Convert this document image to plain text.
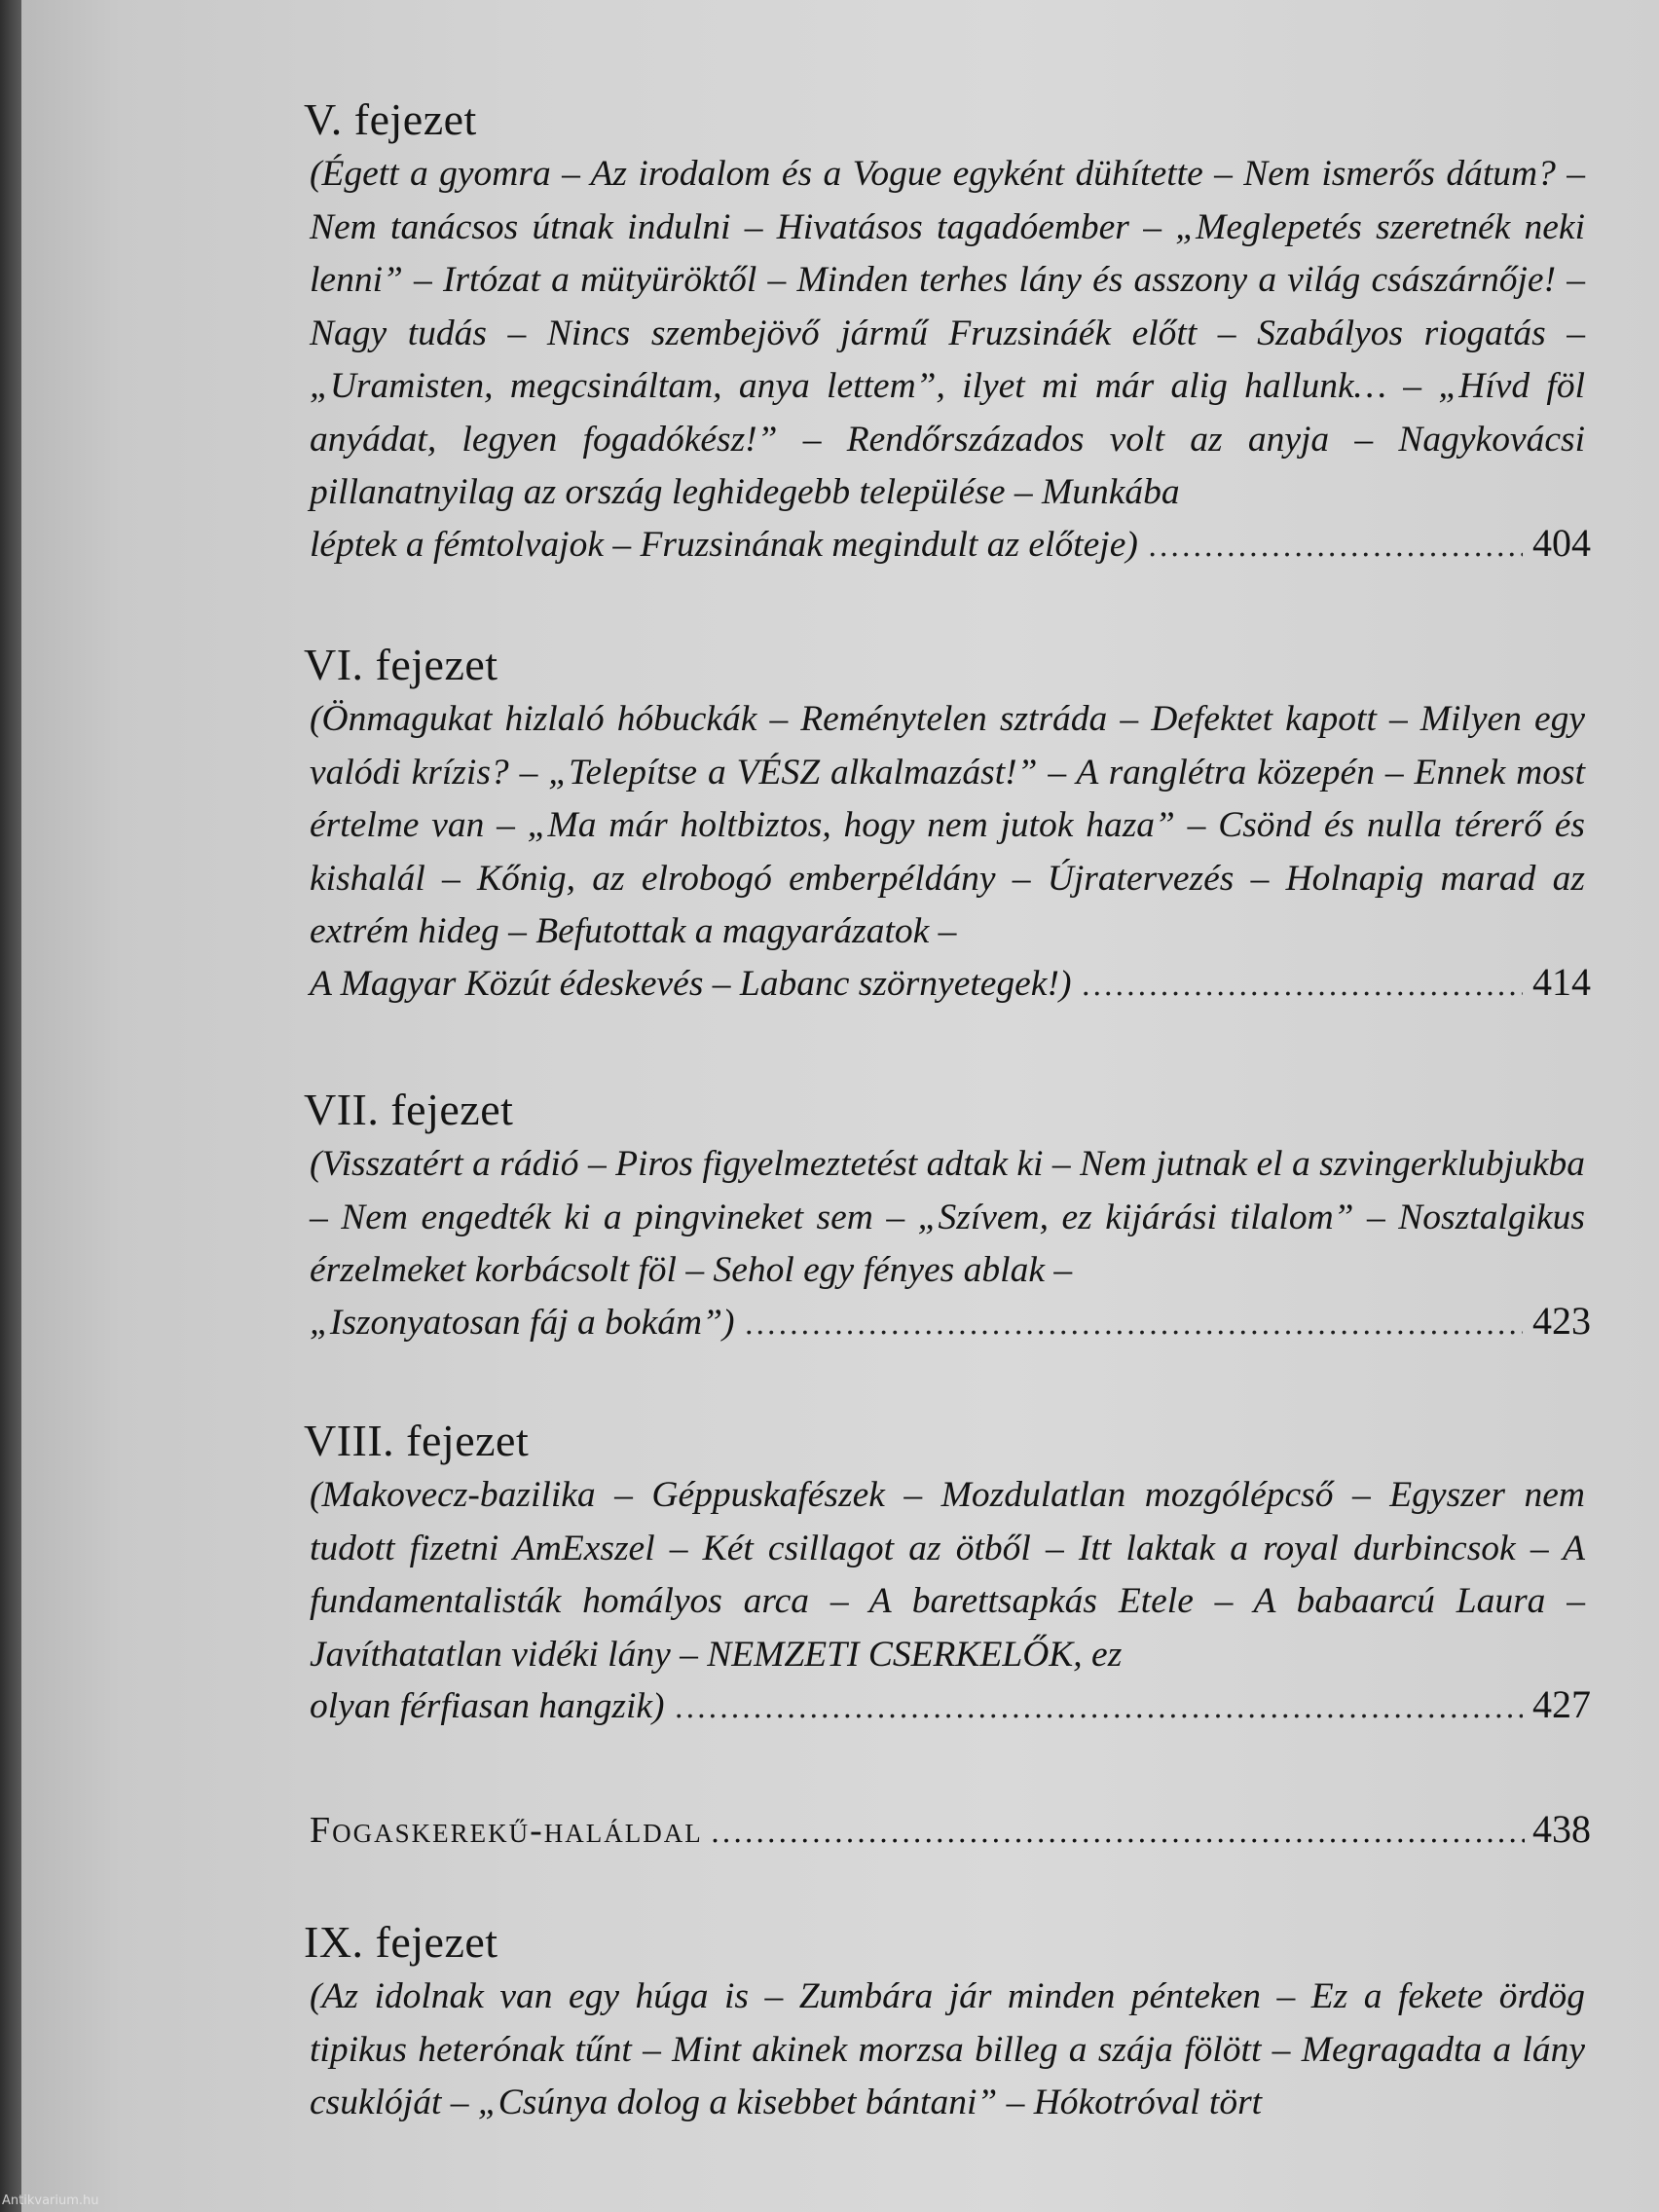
V. fejezet
(Égett a gyomra – Az irodalom és a Vogue egyként dühítette – Nem ismerős dátum? – Nem tanácsos útnak indulni – Hivatásos tagadóember – „Meglepetés szeretnék neki lenni” – Irtózat a mütyüröktől – Minden terhes lány és asszony a világ császárnője! – Nagy tudás – Nincs szembejövő jármű Fruzsináék előtt – Szabályos riogatás – „Uramisten, megcsináltam, anya lettem”, ilyet mi már alig hallunk… – „Hívd föl anyádat, legyen fogadókész!” – Rendőrszázados volt az anyja – Nagykovácsi pillanatnyilag az ország leghidegebb települése – Munkába
léptek a fémtolvajok – Fruzsinának megindult az előteje) .....	404
VI. fejezet
(Önmagukat hizlaló hóbuckák – Reménytelen sztráda – Defektet kapott – Milyen egy valódi krízis? – „Telepítse a VÉSZ alkalmazást!” – A ranglétra közepén – Ennek most értelme van – „Ma már holtbiztos, hogy nem jutok haza” – Csönd és nulla térerő és kishalál – Kőnig, az elrobogó emberpéldány – Újratervezés – Holnapig marad az extrém hideg – Befutottak a magyarázatok –
A Magyar Közút édeskevés – Labanc szörnyetegek!) .....	414
VII. fejezet
(Visszatért a rádió – Piros figyelmeztetést adtak ki – Nem jutnak el a szvingerklubjukba – Nem engedték ki a pingvineket sem – „Szívem, ez kijárási tilalom” – Nosztalgikus érzelmeket korbácsolt föl – Sehol egy fényes ablak –
„Iszonyatosan fáj a bokám”) .....	423
VIII. fejezet
(Makovecz-bazilika – Géppuskafészek – Mozdulatlan mozgólépcső – Egyszer nem tudott fizetni AmExszel – Két csillagot az ötből – Itt laktak a royal durbincsok – A fundamentalisták homályos arca – A barettsapkás Etele – A babaarcú Laura – Javíthatatlan vidéki lány – NEMZETI CSERKELŐK, ez
olyan férfiasan hangzik) .....	427
Fogaskerekű-haláldal .....	438
IX. fejezet
(Az idolnak van egy húga is – Zumbára jár minden pénteken – Ez a fekete ördög tipikus heterónak tűnt – Mint akinek morzsa billeg a szája fölött – Megragadta a lány csuklóját – „Csúnya dolog a kisebbet bántani” – Hókotróval tört
Antikvarium.hu
